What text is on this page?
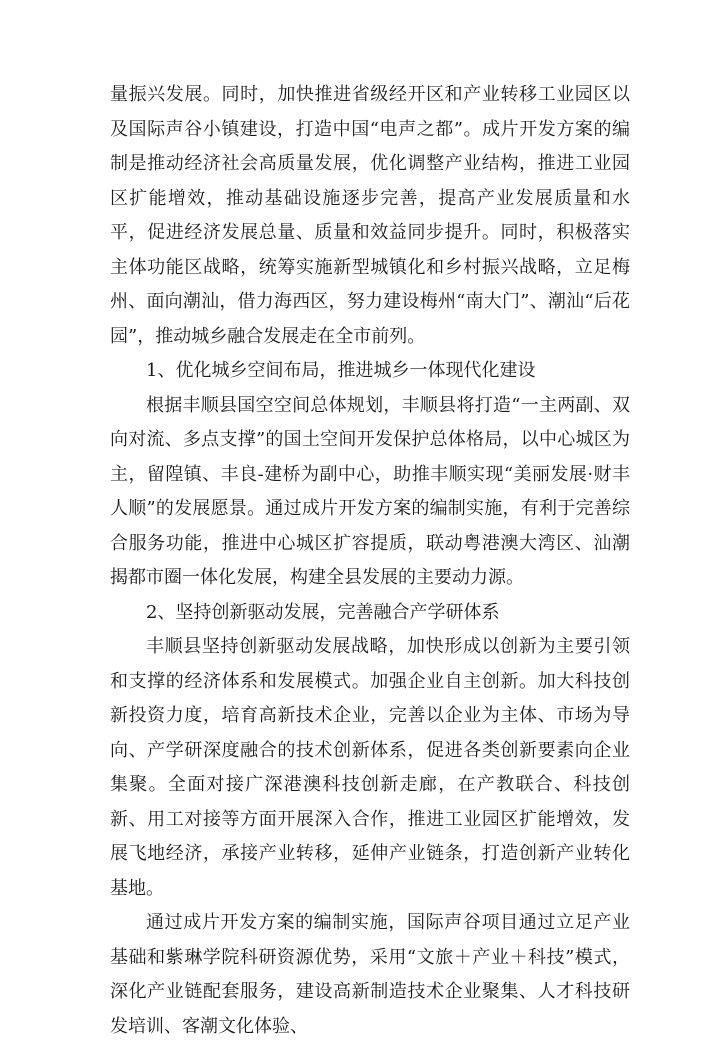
量振兴发展。同时，加快推进省级经开区和产业转移工业园区以及国际声谷小镇建设，打造中国“电声之都”。成片开发方案的编制是推动经济社会高质量发展，优化调整产业结构，推进工业园区扩能增效，推动基础设施逐步完善，提高产业发展质量和水平，促进经济发展总量、质量和效益同步提升。同时，积极落实主体功能区战略，统筹实施新型城镇化和乡村振兴战略，立足梅州、面向潮汕，借力海西区，努力建设梅州“南大门”、潮汕“后花园”，推动城乡融合发展走在全市前列。

1、优化城乡空间布局，推进城乡一体现代化建设

根据丰顺县国空空间总体规划，丰顺县将打造“一主两副、双向对流、多点支撑”的国土空间开发保护总体格局，以中心城区为主，留隍镇、丰良-建桥为副中心，助推丰顺实现“美丽发展·财丰人顺”的发展愿景。通过成片开发方案的编制实施，有利于完善综合服务功能，推进中心城区扩容提质，联动粤港澳大湾区、汕潮揭都市圈一体化发展，构建全县发展的主要动力源。

2、坚持创新驱动发展，完善融合产学研体系

丰顺县坚持创新驱动发展战略，加快形成以创新为主要引领和支撑的经济体系和发展模式。加强企业自主创新。加大科技创新投资力度，培育高新技术企业，完善以企业为主体、市场为导向、产学研深度融合的技术创新体系，促进各类创新要素向企业集聚。全面对接广深港澳科技创新走廊，在产教联合、科技创新、用工对接等方面开展深入合作，推进工业园区扩能增效，发展飞地经济，承接产业转移，延伸产业链条，打造创新产业转化基地。

通过成片开发方案的编制实施，国际声谷项目通过立足产业基础和紫琳学院科研资源优势，采用“文旅＋产业＋科技”模式，深化产业链配套服务，建设高新制造技术企业聚集、人才科技研发培训、客潮文化体验、
